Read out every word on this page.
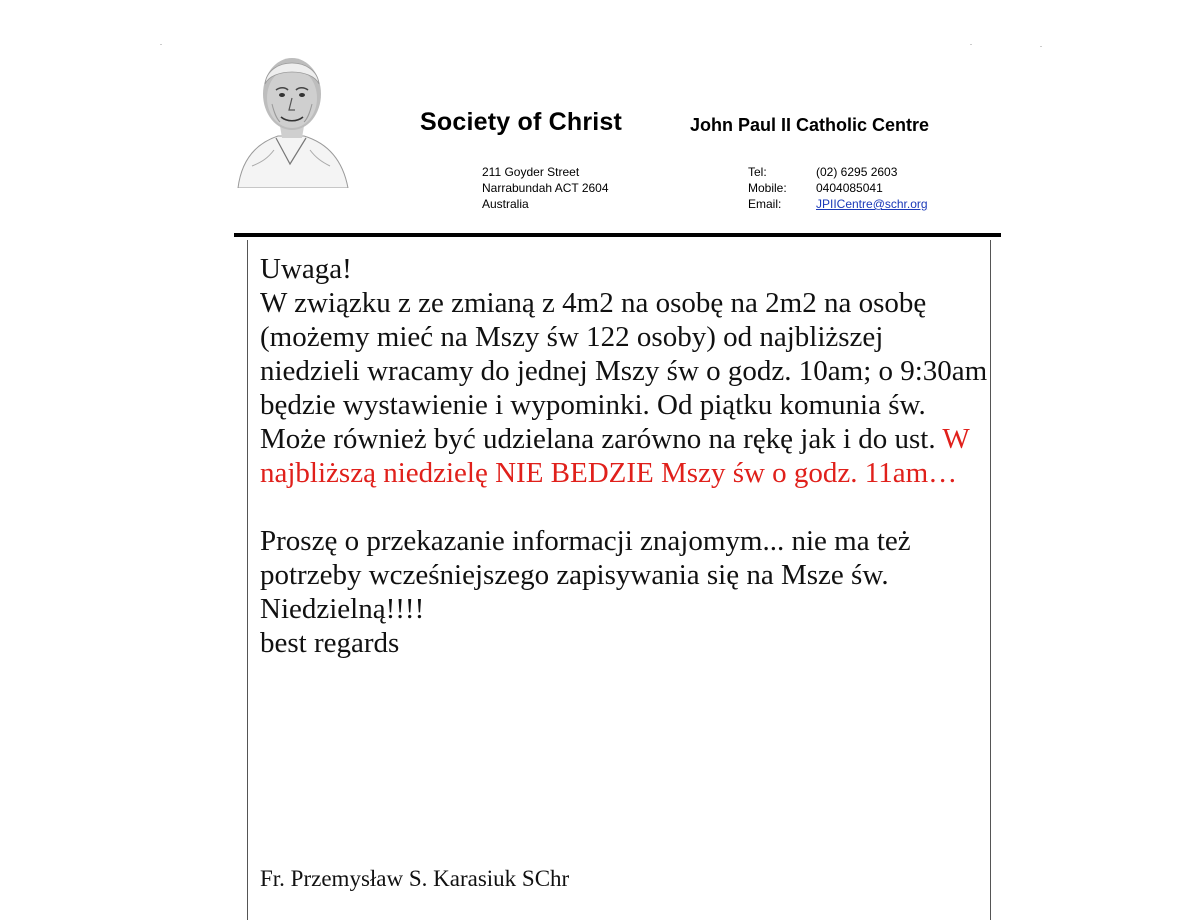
Society of Christ	John Paul II Catholic Centre
211 Goyder Street
Narrabundah ACT 2604
Australia
Tel:	(02) 6295 2603
Mobile:	0404085041
Email:	JPIICentre@schr.org

Uwaga!

W związku z ze zmianą z 4m2 na osobę na 2m2 na osobę (możemy mieć na Mszy św 122 osoby) od najbliższej niedzieli wracamy do jednej Mszy św o godz. 10am; o 9:30am będzie wystawienie i wypominki. Od piątku komunia św. Może również być udzielana zarówno na rękę jak i do ust. W najbliższą niedzielę NIE BEDZIE Mszy św o godz. 11am…

Proszę o przekazanie informacji znajomym... nie ma też potrzeby wcześniejszego zapisywania się na Msze św. Niedzielną!!!!

best regards

Fr. Przemysław S. Karasiuk SChr
